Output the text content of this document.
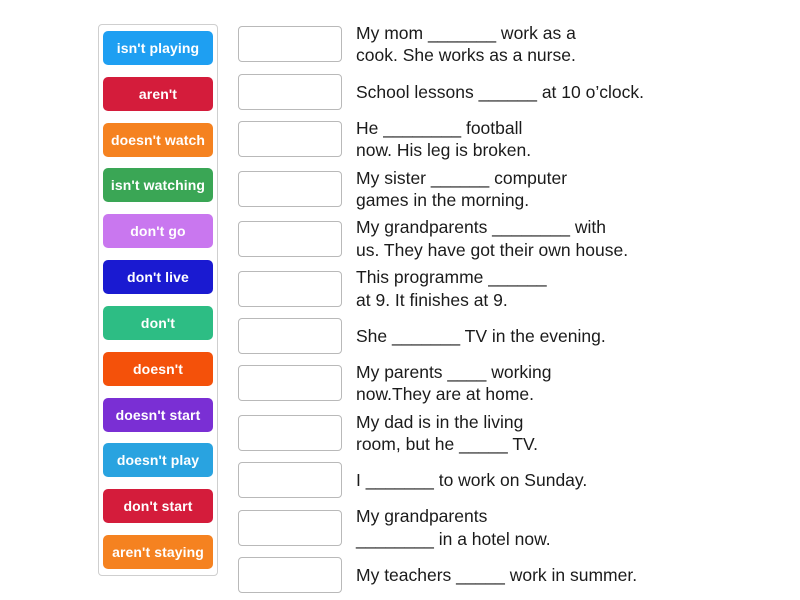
isn't playing
aren't
doesn't watch
isn't watching
don't go
don't live
don't
doesn't
doesn't start
doesn't play
don't start
aren't staying
My mom _______ work as a
cook. She works as a nurse.
School lessons ______ at 10 o’clock.
He ________ football
now. His leg is broken.
My sister ______ computer
games in the morning.
My grandparents ________ with
us. They have got their own house.
This programme ______
at 9. It finishes at 9.
She _______ TV in the evening.
My parents ____ working
now.They are at home.
My dad is in the living
room, but he _____ TV.
I _______ to work on Sunday.
My grandparents
________ in a hotel now.
My teachers _____ work in summer.
